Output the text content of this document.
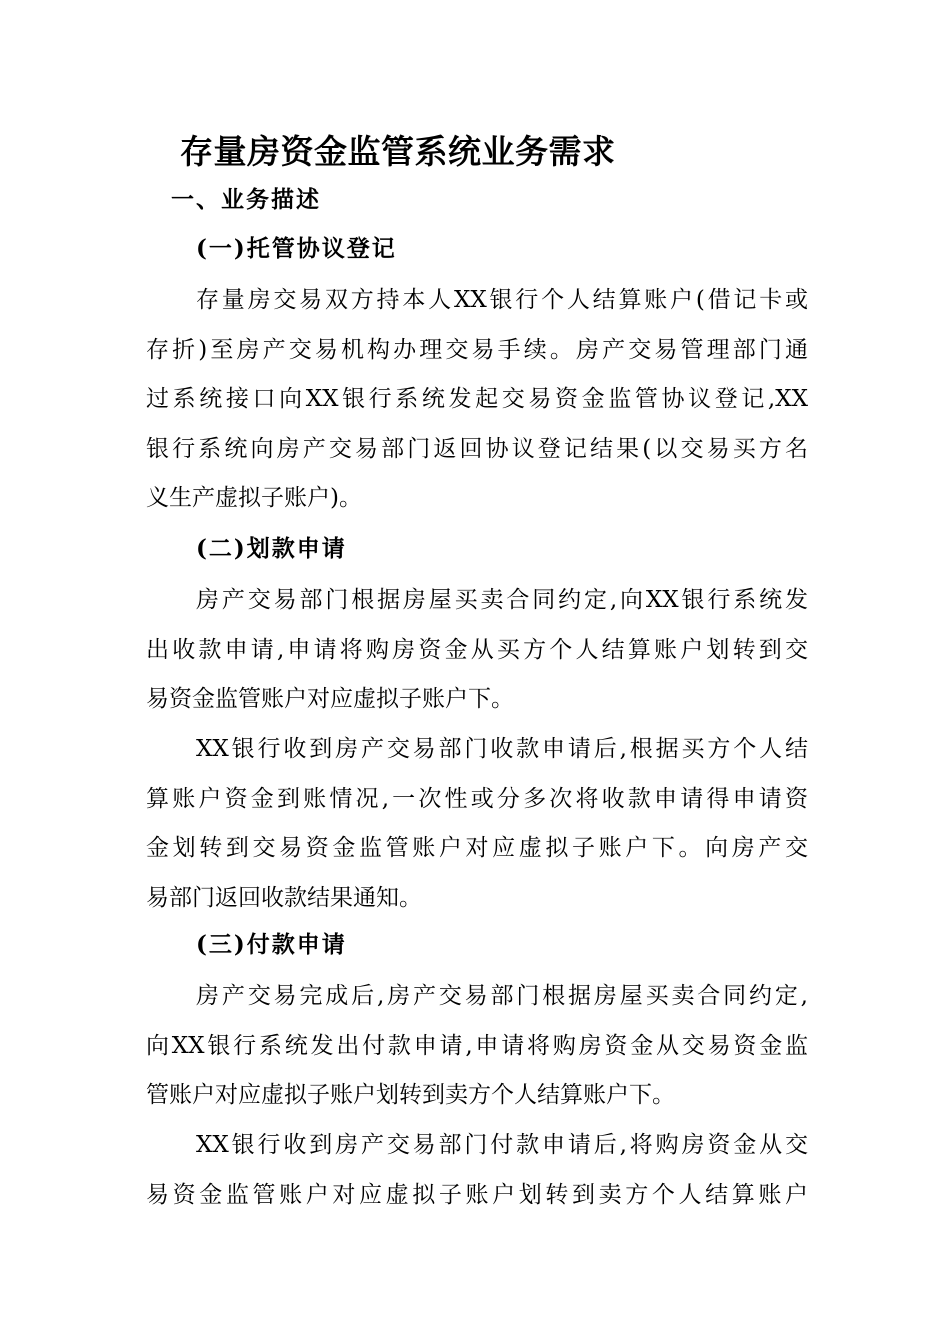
存量房资金监管系统业务需求
一、业务描述
(一)托管协议登记
存量房交易双方持本人XX银行个人结算账户(借记卡或
存折)至房产交易机构办理交易手续。房产交易管理部门通
过系统接口向XX银行系统发起交易资金监管协议登记,XX
银行系统向房产交易部门返回协议登记结果(以交易买方名
义生产虚拟子账户)。
(二)划款申请
房产交易部门根据房屋买卖合同约定,向XX银行系统发
出收款申请,申请将购房资金从买方个人结算账户划转到交
易资金监管账户对应虚拟子账户下。
XX银行收到房产交易部门收款申请后,根据买方个人结
算账户资金到账情况,一次性或分多次将收款申请得申请资
金划转到交易资金监管账户对应虚拟子账户下。向房产交
易部门返回收款结果通知。
(三)付款申请
房产交易完成后,房产交易部门根据房屋买卖合同约定,
向XX银行系统发出付款申请,申请将购房资金从交易资金监
管账户对应虚拟子账户划转到卖方个人结算账户下。
XX银行收到房产交易部门付款申请后,将购房资金从交
易资金监管账户对应虚拟子账户划转到卖方个人结算账户
